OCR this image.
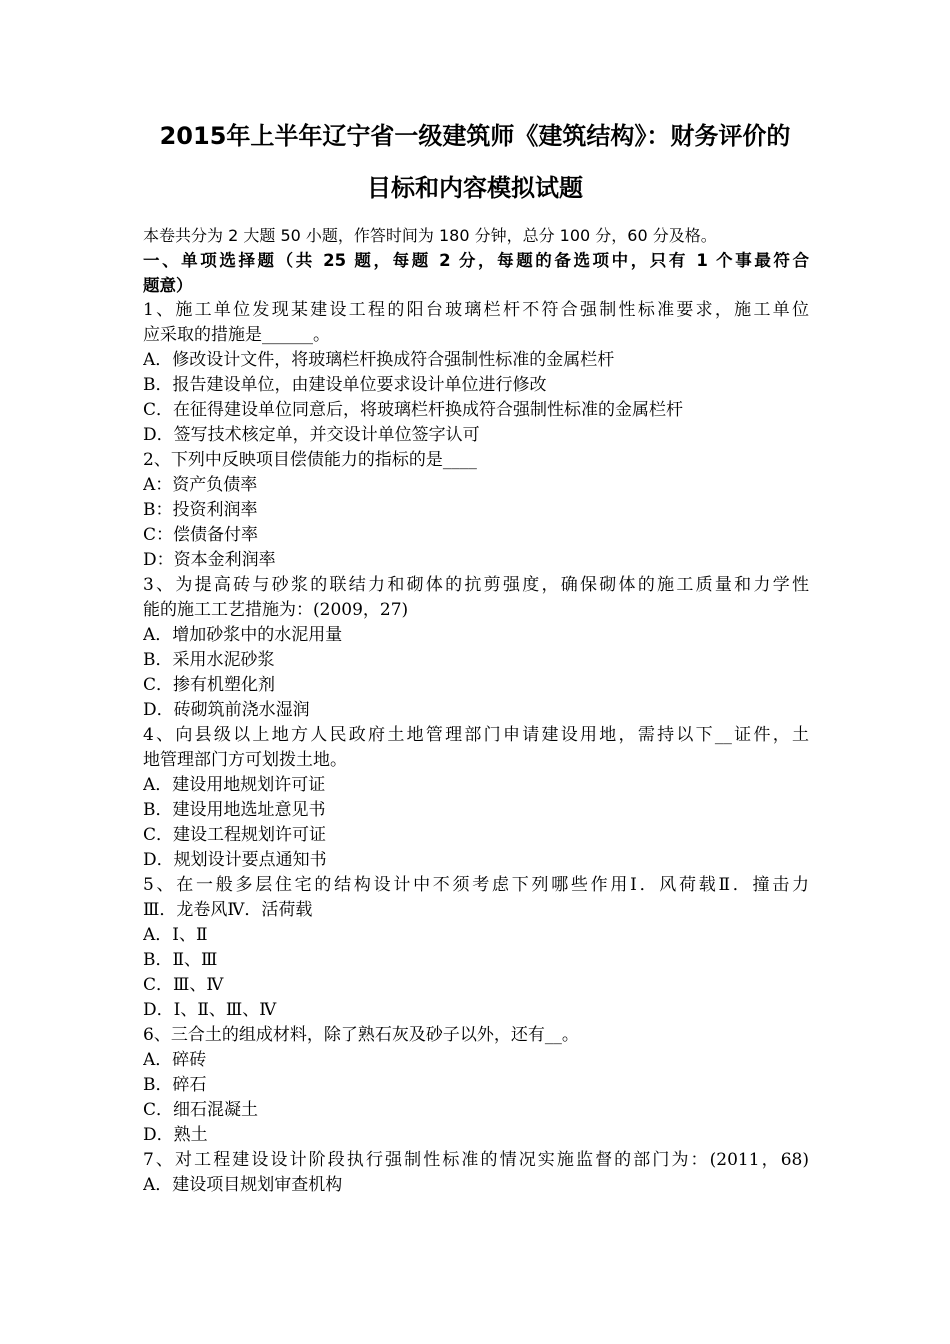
2015年上半年辽宁省一级建筑师《建筑结构》：财务评价的
目标和内容模拟试题
本卷共分为 2 大题 50 小题，作答时间为 180 分钟，总分 100 分，60 分及格。
一、单项选择题（共 25 题，每题 2 分，每题的备选项中，只有 1 个事最符合
题意）
1、施工单位发现某建设工程的阳台玻璃栏杆不符合强制性标准要求，施工单位
应采取的措施是______。
A．修改设计文件，将玻璃栏杆换成符合强制性标准的金属栏杆
B．报告建设单位，由建设单位要求设计单位进行修改
C．在征得建设单位同意后，将玻璃栏杆换成符合强制性标准的金属栏杆
D．签写技术核定单，并交设计单位签字认可
2、下列中反映项目偿债能力的指标的是____
A：资产负债率
B：投资利润率
C：偿债备付率
D：资本金利润率
3、为提高砖与砂浆的联结力和砌体的抗剪强度，确保砌体的施工质量和力学性
能的施工工艺措施为：(2009，27)
A．增加砂浆中的水泥用量
B．采用水泥砂浆
C．掺有机塑化剂
D．砖砌筑前浇水湿润
4、向县级以上地方人民政府土地管理部门申请建设用地，需持以下__证件，土
地管理部门方可划拨土地。
A．建设用地规划许可证
B．建设用地选址意见书
C．建设工程规划许可证
D．规划设计要点通知书
5、在一般多层住宅的结构设计中不须考虑下列哪些作用Ⅰ．风荷载Ⅱ．撞击力
Ⅲ．龙卷风Ⅳ．活荷载
A．Ⅰ、Ⅱ
B．Ⅱ、Ⅲ
C．Ⅲ、Ⅳ
D．Ⅰ、Ⅱ、Ⅲ、Ⅳ
6、三合土的组成材料，除了熟石灰及砂子以外，还有__。
A．碎砖
B．碎石
C．细石混凝土
D．熟土
7、对工程建设设计阶段执行强制性标准的情况实施监督的部门为：(2011，68)
A．建设项目规划审查机构
